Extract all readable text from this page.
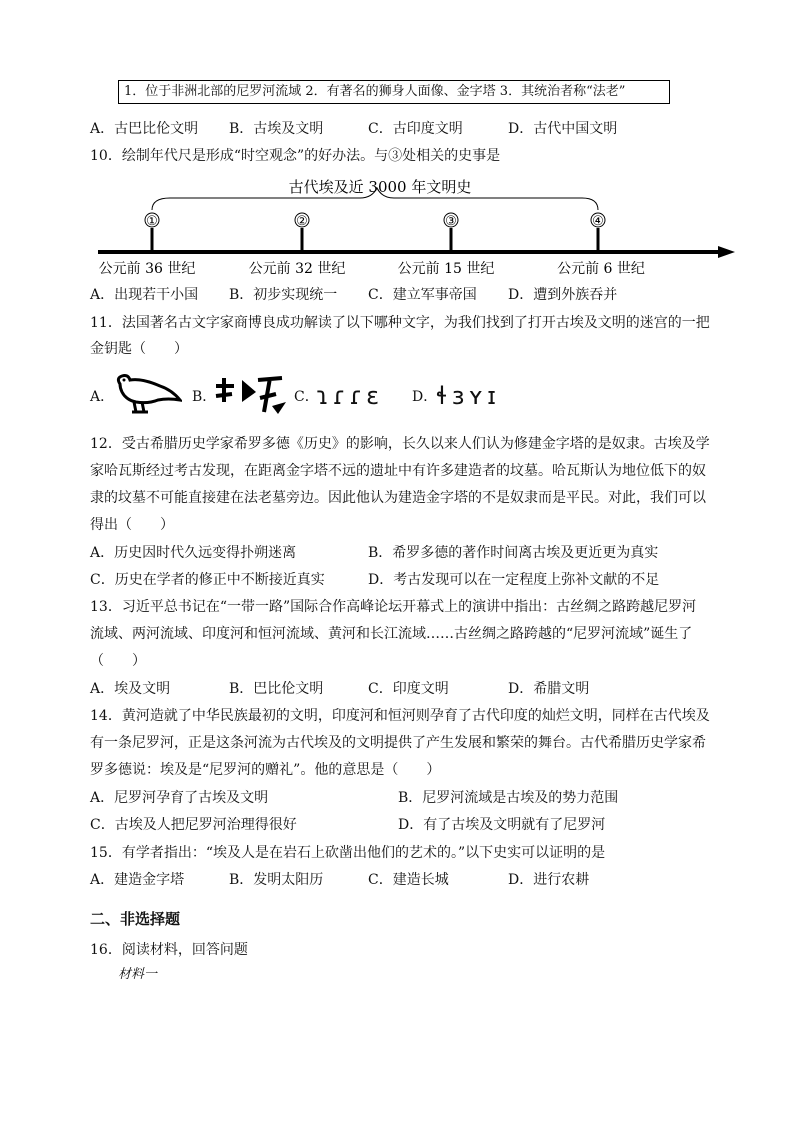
1．位于非洲北部的尼罗河流域 2．有著名的狮身人面像、金字塔 3．其统治者称“法老”
A．古巴比伦文明 B．古埃及文明	C．古印度文明	D．古代中国文明
10．绘制年代尺是形成“时空观念”的好办法。与③处相关的史事是
古代埃及近 3000 年文明史
①	②	③	④
公元前 36 世纪	公元前 32 世纪	公元前 15 世纪	公元前 6 世纪
A．出现若干小国 B．初步实现统一 C．建立军事帝国 D．遭到外族吞并
11．法国著名古文字家商博良成功解读了以下哪种文字，为我们找到了打开古埃及文明的迷宫的一把
金钥匙（　　）
A．	B．	C．
ɿɾɾɛ D．
ɬɜʏɪ
12．受古希腊历史学家希罗多德《历史》的影响，长久以来人们认为修建金字塔的是奴隶。古埃及学
家哈瓦斯经过考古发现，在距离金字塔不远的遗址中有许多建造者的坟墓。哈瓦斯认为地位低下的奴
隶的坟墓不可能直接建在法老墓旁边。因此他认为建造金字塔的不是奴隶而是平民。对此，我们可以
得出（　　）
A．历史因时代久远变得扑朔迷离	B．希罗多德的著作时间离古埃及更近更为真实
C．历史在学者的修正中不断接近真实	D．考古发现可以在一定程度上弥补文献的不足
13．习近平总书记在“一带一路”国际合作高峰论坛开幕式上的演讲中指出：古丝绸之路跨越尼罗河
流域、两河流域、印度河和恒河流域、黄河和长江流域……古丝绸之路跨越的“尼罗河流域”诞生了
（　　）
A．埃及文明	B．巴比伦文明	C．印度文明	D．希腊文明
14．黄河造就了中华民族最初的文明，印度河和恒河则孕育了古代印度的灿烂文明，同样在古代埃及
有一条尼罗河，正是这条河流为古代埃及的文明提供了产生发展和繁荣的舞台。古代希腊历史学家希
罗多德说：埃及是“尼罗河的赠礼”。他的意思是（　　）
A．尼罗河孕育了古埃及文明	B．尼罗河流域是古埃及的势力范围
C．古埃及人把尼罗河治理得很好	D．有了古埃及文明就有了尼罗河
15．有学者指出：“埃及人是在岩石上砍凿出他们的艺术的。”以下史实可以证明的是
A．建造金字塔	B．发明太阳历	C．建造长城	D．进行农耕
二、非选择题
16．阅读材料，回答问题
材料一
